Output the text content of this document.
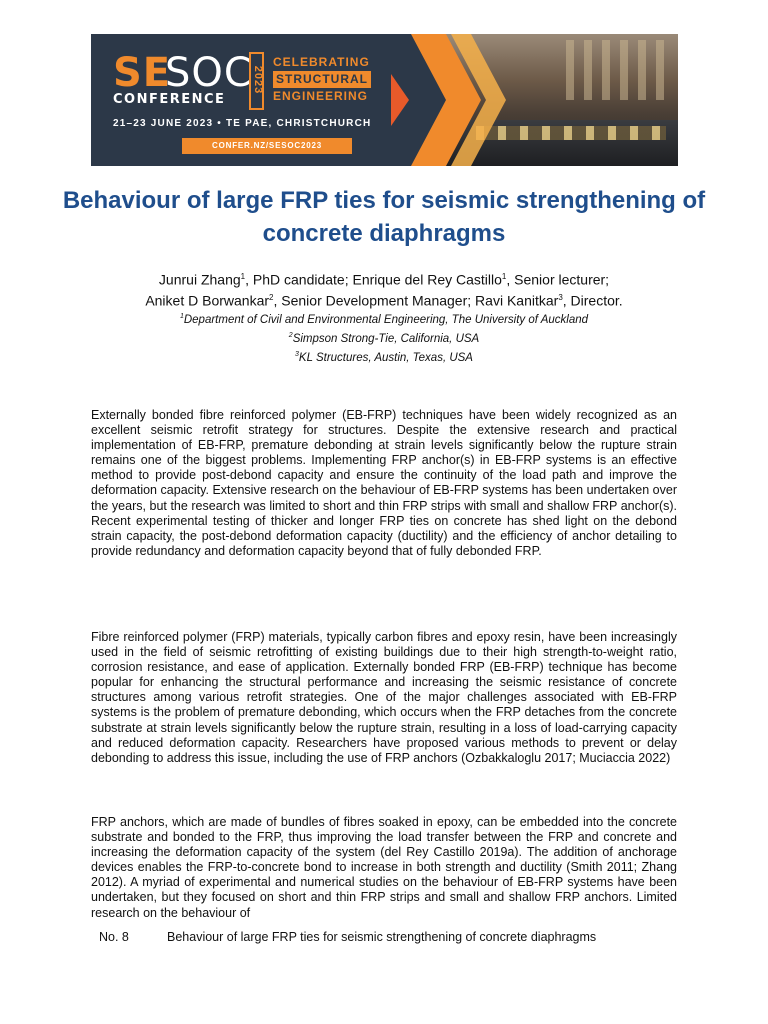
SE
SOC
CONFERENCE
2023
CELEBRATING
STRUCTURAL
ENGINEERING
21–23 JUNE 2023 • TE PAE, CHRISTCHURCH
CONFER.NZ/SESOC2023
Behaviour of large FRP ties for seismic strengthening of concrete diaphragms
Junrui Zhang$^1$, PhD candidate; Enrique del Rey Castillo$^1$, Senior lecturer;
Aniket D Borwankar$^2$, Senior Development Manager; Ravi Kanitkar$^3$, Director.
$^1$Department of Civil and Environmental Engineering, The University of Auckland
$^2$Simpson Strong-Tie, California, USA
$^3$KL Structures, Austin, Texas, USA

Externally bonded fibre reinforced polymer (EB-FRP) techniques have been widely recognized as an excellent seismic retrofit strategy for structures. Despite the extensive research and practical implementation of EB-FRP, premature debonding at strain levels significantly below the rupture strain remains one of the biggest problems. Implementing FRP anchor(s) in EB-FRP systems is an effective method to provide post-debond capacity and ensure the continuity of the load path and improve the deformation capacity. Extensive research on the behaviour of EB-FRP systems has been undertaken over the years, but the research was limited to short and thin FRP strips with small and shallow FRP anchor(s). Recent experimental testing of thicker and longer FRP ties on concrete has shed light on the debond strain capacity, the post-debond deformation capacity (ductility) and the efficiency of anchor detailing to provide redundancy and deformation capacity beyond that of fully debonded FRP.

Fibre reinforced polymer (FRP) materials, typically carbon fibres and epoxy resin, have been increasingly used in the field of seismic retrofitting of existing buildings due to their high strength-to-weight ratio, corrosion resistance, and ease of application. Externally bonded FRP (EB-FRP) technique has become popular for enhancing the structural performance and increasing the seismic resistance of concrete structures among various retrofit strategies. One of the major challenges associated with EB-FRP systems is the problem of premature debonding, which occurs when the FRP detaches from the concrete substrate at strain levels significantly below the rupture strain, resulting in a loss of load-carrying capacity and reduced deformation capacity. Researchers have proposed various methods to prevent or delay debonding to address this issue, including the use of FRP anchors (Ozbakkaloglu 2017; Muciaccia 2022)

FRP anchors, which are made of bundles of fibres soaked in epoxy, can be embedded into the concrete substrate and bonded to the FRP, thus improving the load transfer between the FRP and concrete and increasing the deformation capacity of the system (del Rey Castillo 2019a). The addition of anchorage devices enables the FRP-to-concrete bond to increase in both strength and ductility (Smith 2011; Zhang 2012). A myriad of experimental and numerical studies on the behaviour of EB-FRP systems have been undertaken, but they focused on short and thin FRP strips and small and shallow FRP anchors. Limited research on the behaviour of

No. 8	Behaviour of large FRP ties for seismic strengthening of concrete diaphragms
